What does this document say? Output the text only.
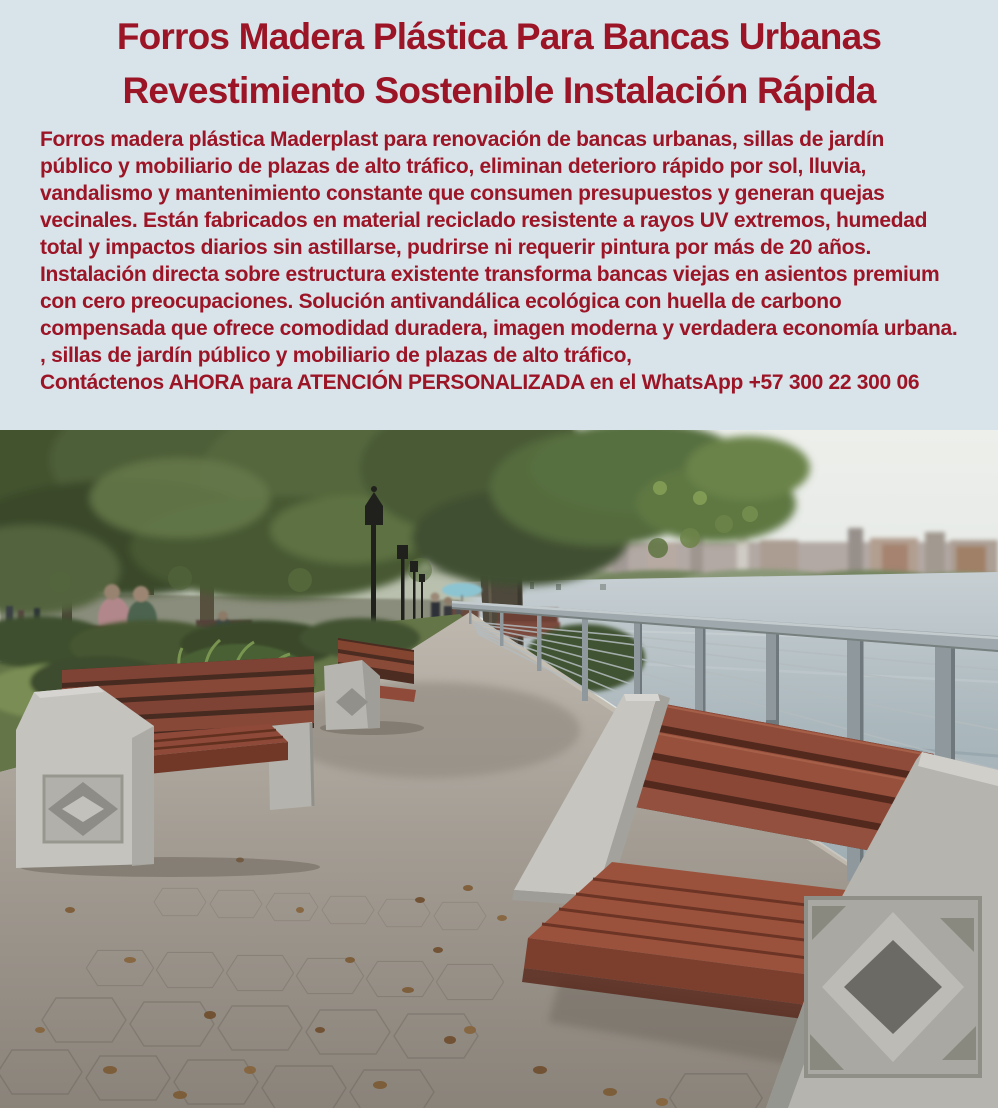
Forros Madera Plástica Para Bancas Urbanas
Revestimiento Sostenible Instalación Rápida
Forros madera plástica Maderplast para renovación de bancas urbanas, sillas de jardín público y mobiliario de plazas de alto tráfico, eliminan deterioro rápido por sol, lluvia, vandalismo y mantenimiento constante que consumen presupuestos y generan quejas vecinales. Están fabricados en material reciclado resistente a rayos UV extremos, humedad total y impactos diarios sin astillarse, pudrirse ni requerir pintura por más de 20 años. Instalación directa sobre estructura existente transforma bancas viejas en asientos premium con cero preocupaciones. Solución antivandálica ecológica con huella de carbono compensada que ofrece comodidad duradera, imagen moderna y verdadera economía urbana. , sillas de jardín público y mobiliario de plazas de alto tráfico,
Contáctenos AHORA para ATENCIÓN PERSONALIZADA en el WhatsApp +57 300 22 300 06
